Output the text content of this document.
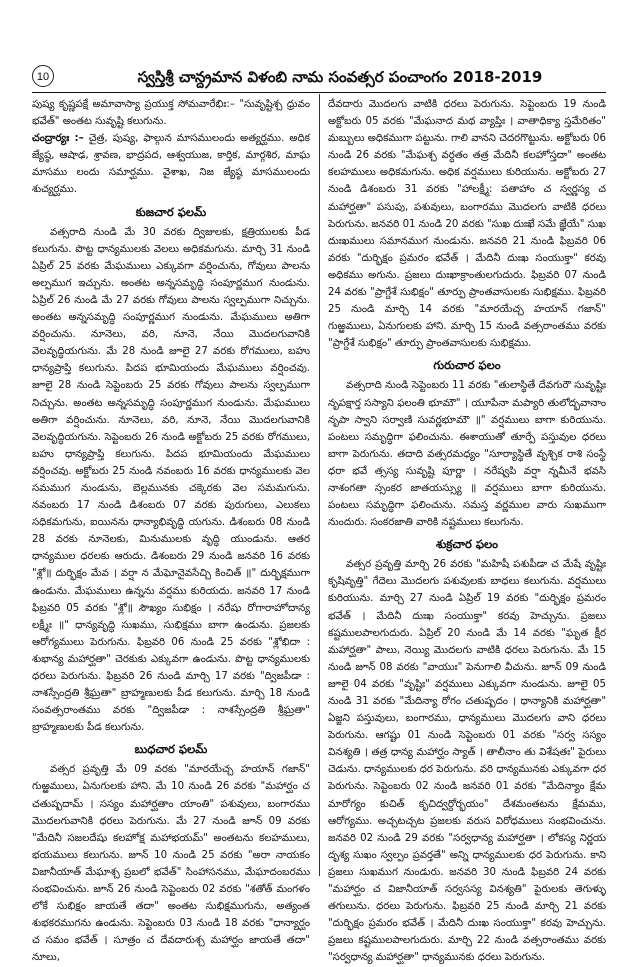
10	స్వస్తిశ్రీ చాన్ద్రమాన విళంబి నామ సంవత్సర పంచాంగం 2018-2019

పుష్య కృష్ణపక్షే అమావాస్యా ప్రయుక్త సోమవారేభిః:– "సువృష్టిశ్చ ధ్రువం భవేత్" అంతట సువృష్టి కలుగును.

చంద్రార్యః :– చైత్ర, పుష్య, ఫాల్గున మాసములందు అత్యర్ఘము. అధిక జ్యేష్ఠ, ఆషాఢ, శ్రావణ, భాద్రపద, ఆశ్వయుజ, కార్తిక, మార్గశిర, మాఘ మాసము లందు సమార్ఘము. వైశాఖ, నిజ జ్యేష్ఠ మాసములందు శుచ్యర్ఘము.

కుజచార ఫలమ్

వత్సరాది నుండి మే 30 వరకు ద్విజులకు, క్షత్రియులకు పీడ కలుగును. పొట్ట ధాన్యములకు వెలలు అధికమగును. మార్చి 31 నుండి ఏప్రిల్ 25 వరకు మేఘములు ఎక్కువగా వర్షించును, గోవులు పాలను అల్పముగ ఇచ్చును. అంతట అన్నసమృద్ధి సంపూర్ణముగ నుండును. ఏప్రిల్ 26 నుండి మే 27 వరకు గోవులు పాలను స్వల్పముగా నిచ్చును. అంతట అన్నసమృద్ధి సంపూర్ణముగ నుండును. మేఘములు అతిగా వర్షించును. నూనెలు, వరి, నూనె, నేయి మొదలగువానికి వెలవృద్ధియగును. మే 28 నుండి జూలై 27 వరకు రోగములు, బహు ధాన్యప్రాప్తి కలుగును. పిదప భూమియందు మేఘములు వర్షించవు. జూలై 28 నుండి సెప్టెంబరు 25 వరకు గోవులు పాలను స్వల్పముగా నిచ్చును. అంతట అన్నసమృద్ధి సంపూర్ణముగ నుండును. మేఘములు అతిగా వర్షించును. నూనెలు, వరి, నూనె, నేయి మొదలగువానికి వెలవృద్ధియగును. సెప్టెంబరు 26 నుండి అక్టోబరు 25 వరకు రోగములు, బహు ధాన్యప్రాప్తి కలుగును. పిదప భూమియందు మేఘములు వర్షించవు. అక్టోబరు 25 నుండి నవంబరు 16 వరకు ధాన్యములకు వెల సమముగ నుండును, బెల్లమునకు చక్కెరకు వెల సమమగును. నవంబరు 17 నుండి డిశంబరు 07 వరకు పురుగులు, ఎలుకలు సధికమగును, ఐయినను ధాన్యాభివృద్ధి యగును. డిశంబరు 08 నుండి 28 వరకు నూనెలకు, మినుములకు వృద్ధి యుండును. ఆతర ధాన్యముల ధరలకు ఆరుదు. డిశంబరు 29 నుండి జనవరి 16 వరకు "శ్లో॥ దుర్భిక్షం మేవ । వర్షా న మేఘోనైవసేచ్చి కించిత్ ॥" దుర్భిక్షముగా ఉండును. మేఘములు ఉన్నను వర్షము కురియదు. జనవరి 17 నుండి ఫిబ్రవరి 05 వరకు "శ్లో॥ సౌఖ్యం సుభిక్షం । నరేషు రోగారాహోదాన్య లక్ష్మీః ॥" ధాన్యవృద్ధి సుఖము, సుభిక్షము బాగా ఉండును. ప్రజలకు ఆరోగ్యములు పెరుగును. ఫిబ్రవరి 06 నుండి 25 వరకు "శ్లోభిదా : శుభాన్య మహార్ఘతా" చెరకుకు ఎక్కువగా ఉండును. పొట్ట ధాన్యములకు ధరలు పెరుగును. ఫిబ్రవరి 26 నుండి మార్చి 17 వరకు "ద్విజపీడా : నాశస్సేంద్రతి శ్రీఘ్రతా" బ్రాహ్మణులకు పీడ కలుగును. మార్చి 18 నుండి సంవత్సరాంతము వరకు "ద్విజపీడా : నాశస్సేంద్రతి శ్రీఘ్రతా" బ్రాహ్మణులకు పీడ కలుగును.

బుధచార ఫలమ్

వత్సర ప్రవృత్తి మే 09 వరకు "మారయేచ్చ హయాన్ గజాన్" గుఱ్ఱములు, ఏనుగులకు హాని. మే 10 నుండి 26 వరకు "మహార్ఘం చ చతుష్పదామ్ । సస్యం మహార్ఘతాం యాంతి" పశువులు, బంగారము మొదలగువానికి ధరలు పెరుగును. మే 27 నుండి జూన్ 09 వరకు "మేదినీ సజలదేషు కలహోక్ష మహాభయమ్" అంతటను కలహములు, భయములు కలుగును. జూన్ 10 నుండి 25 వరకు "అరా నాయకం విజానీయాత్ మేఘాశ్చ ప్రబలో భవేత్" సింహాసనము, మేఘాదంబరము సంభవించును. జూన్ 26 నుండి సెప్టెంబరు 02 వరకు "శతోత్ మంగళం లోకే సుభిక్షం జాయతే తదా" అంతట సుభిక్షముగును, అత్యంత శుభకరముగను ఉండును. సెప్టెంబరు 03 నుండి 18 వరకు "ధాన్యార్ఘం చ సమం భవేత్ । సూత్రం చ దేవదారుశ్చ మహార్ఘం జాయతే తదా" నూలు,

దేవదారు మొదలగు వాటికి ధరలు పెరుగును. సెప్టెంబరు 19 నుండి అక్టోబరు 05 వరకు "మేఘనాద మథ వ్యాప్తిః । వాతాధిక్యా స్తమేరితం" మబ్బులు అధికముగా పట్టును. గాలి వానని చెదరగొట్టును. అక్టోబరు 06 నుండి 26 వరకు "మేఘశ్చ వర్ధతం తత్ర మేదినీ కలహోస్తదా" అంతట కలహములు అధికమగును. అధిక వర్షములు కురియును. అక్టోబరు 27 నుండి డిశంబరు 31 వరకు "హాలక్ష్మీ: పతాహాం చ స్వర్ణస్య చ మహార్ఘతా" పసుపు, పశువులు, బంగారము మొదలగు వాటికి ధరలు పెరుగును. జనవరి 01 నుండి 20 వరకు "సుఖ దుఃఖే సమే జ్ఞేయే" సుఖ దుఃఖములు సమానముగ నుండును. జనవరి 21 నుండి ఫిబ్రవరి 06 వరకు "దుర్భిక్షం ప్రమరం భవేత్ । మేదినీ దుఃఖ సంయుక్తా" కరవు అధికము అగును. ప్రజలు దుఃఖాక్రాంతులగుదురు. ఫిబ్రవరి 07 నుండి 24 వరకు "ప్రాగ్దేశే సుభిక్షం" తూర్పు ప్రాంతవాసులకు సుభిక్షము. ఫిబ్రవరి 25 నుండి మార్చి 14 వరకు "మారయేచ్చ హయాన్ గజాన్" గుఱ్ఱములు, ఏనుగులకు హాని. మార్చి 15 నుండి వత్సరాంతము వరకు "ప్రాగ్దేశే సుభిక్షం" తూర్పు ప్రాంతవాసులకు సుభిక్షము.

గురుచార ఫలం

వత్సరాది నుండి సెప్టెంబరు 11 వరకు "తులాస్థితే దేవగురౌ సువృష్టిః నృపక్షార్త సస్యాని ఫలంతి భూమౌ" । యూపేనా మప్యారి తులోద్భవానాం నృపా స్వాని సర్వాణి సువర్ణభూమౌ ॥" వర్షములు బాగా కురియును. పంటలు సమృద్ధిగా ఫలించును. ఈశాయుతో తూర్పే పస్తువుల ధరలు బాగా పెరుగును. తదాది వత్సరమధ్యం "సూర్యాస్థితే వృశ్చిక రాశి సంస్థే ధరా భవే త్సస్య సువృష్టి పూర్ణా । నరేష్వపి వర్షా న్నమీనే భవసి నాశంగతా స్సంకర జాతయస్స్యు ॥ వర్షములు బాగా కురియును. పంటలు సమృద్ధిగా ఫలించును. సమస్త వర్ణముల వారు సుఖముగా నుందురు. సంకరజాతి వారికి నష్టములు కలుగును.

శుక్రచార ఫలం

వత్సర ప్రవృత్తి మార్చి 26 వరకు "మహిషీ పశుపీడా చ మేషే వృష్టిః కృషివృత్తి" గేదెలు మొదలగు పశువులకు బాధలు కలుగును. వర్షములు కురియును. మార్చి 27 నుండి ఏప్రిల్ 19 వరకు "దుర్భిక్షం ప్రమరం భవేత్ । మేదినీ దుఃఖ సంయుక్తా" కరవు హెచ్చును. ప్రజలు కష్టములపాలగుదురు. ఏప్రిల్ 20 నుండి మే 14 వరకు "ఘృత క్షీర మహార్ఘతా" పాలు, నెయ్యి మొదలగు వాటికి ధరలు పెరుగును. మే 15 నుండి జూన్ 08 వరకు "వాయుః" పెనుగాలి వీచును. జూన్ 09 నుండి జూలై 04 వరకు "వృష్టిః" వర్షములు ఎక్కువగా నుండును. జూలై 05 నుండి 31 వరకు "మేదిన్యా రోగం చతుష్పదం । ధాన్యానికి మహార్ఘతా" ఏజ్జని పస్తువులు, బంగారము, ధాన్యములు మొదలగు వాని ధరలు పెరుగును. ఆగష్టు 01 నుండి సెప్టెంబరు 01 వరకు "సర్వ సస్యం వినశ్యతి । తత్ర ధాన్య మహార్ఘం స్యాత్ । తాలీనాం తు విశేషతః" పైరులు చెడును. ధాన్యములకు ధర పెరుగును. వరి ధాన్యమునకు ఎక్కువగా ధర పెరుగును. సెప్టెంబరు 02 నుండి జనవరి 01 వరకు "మేదిన్యాం క్షేమ మారోగ్యం కుచిత్ కృచిద్వర్దోర్భయం" దేశమంతటను క్షేమము, ఆరోగ్యము. అచ్చటచ్చట ప్రజలకు వరుస విరోధములు సంభవించును. జనవరి 02 నుండి 29 వరకు "సర్వధాన్య మహార్ఘతా । లోకస్య నిర్ణయ దృశ్య సుఖం స్వల్పం ప్రవర్తతే" అన్ని ధాన్యములకు ధర పెరుగును. కాని ప్రజలు సుఖముగ నుండురు. జనవరి 30 నుండి ఫిబ్రవరి 24 వరకు "మహార్ఘం చ విజానీయాత్ సర్వసస్య వినశ్యతి" పైరులకు తెగుళ్ళు తగులును. ధరలు పెరుగును. ఫిబ్రవరి 25 నుండి మార్చి 21 వరకు "దుర్భిక్షం ప్రమరం భవేత్ । మేదినీ దుఃఖ సంయుక్తా" కరవు హెచ్చును. ప్రజలు కష్టములపాలగుదురు. మార్చి 22 నుండి వత్సరాంతము వరకు "సర్వధాన్య మహార్ఘతా" ధాన్యమునకు ధరలు పెరుగును.
